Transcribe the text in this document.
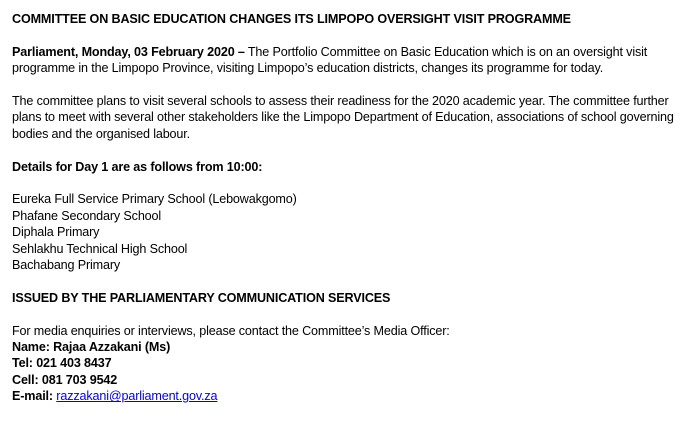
COMMITTEE ON BASIC EDUCATION CHANGES ITS LIMPOPO OVERSIGHT VISIT PROGRAMME

Parliament, Monday, 03 February 2020 – The Portfolio Committee on Basic Education which is on an oversight visit programme in the Limpopo Province, visiting Limpopo’s education districts, changes its programme for today.

The committee plans to visit several schools to assess their readiness for the 2020 academic year. The committee further plans to meet with several other stakeholders like the Limpopo Department of Education, associations of school governing bodies and the organised labour.

Details for Day 1 are as follows from 10:00:

Eureka Full Service Primary School (Lebowakgomo)

Phafane Secondary School

Diphala Primary

Sehlakhu Technical High School

Bachabang Primary

ISSUED BY THE PARLIAMENTARY COMMUNICATION SERVICES

For media enquiries or interviews, please contact the Committee’s Media Officer:

Name: Rajaa Azzakani (Ms)

Tel: 021 403 8437

Cell: 081 703 9542

E-mail: razzakani@parliament.gov.za
